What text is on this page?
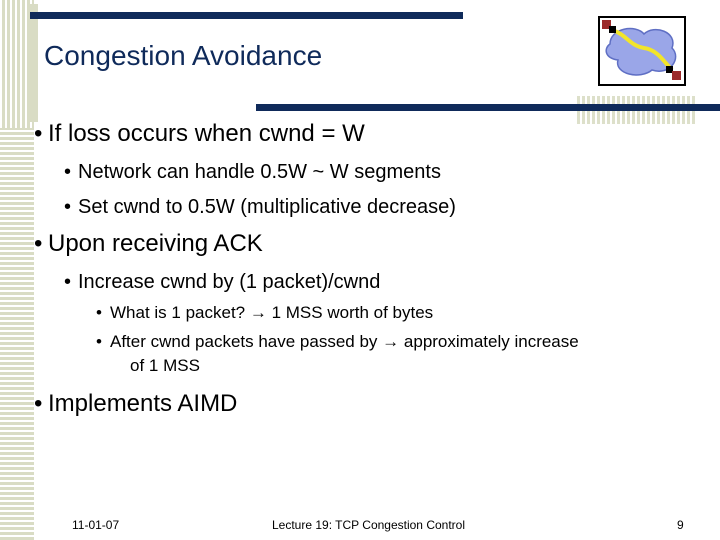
Congestion Avoidance
• If loss occurs when cwnd = W
• Network can handle 0.5W ~ W segments
• Set cwnd to 0.5W (multiplicative decrease)
• Upon receiving ACK
• Increase cwnd by (1 packet)/cwnd
• What is 1 packet? → 1 MSS worth of bytes
• After cwnd packets have passed by → approximately increase
of 1 MSS
• Implements AIMD
11-01-07	Lecture 19: TCP Congestion Control	9
